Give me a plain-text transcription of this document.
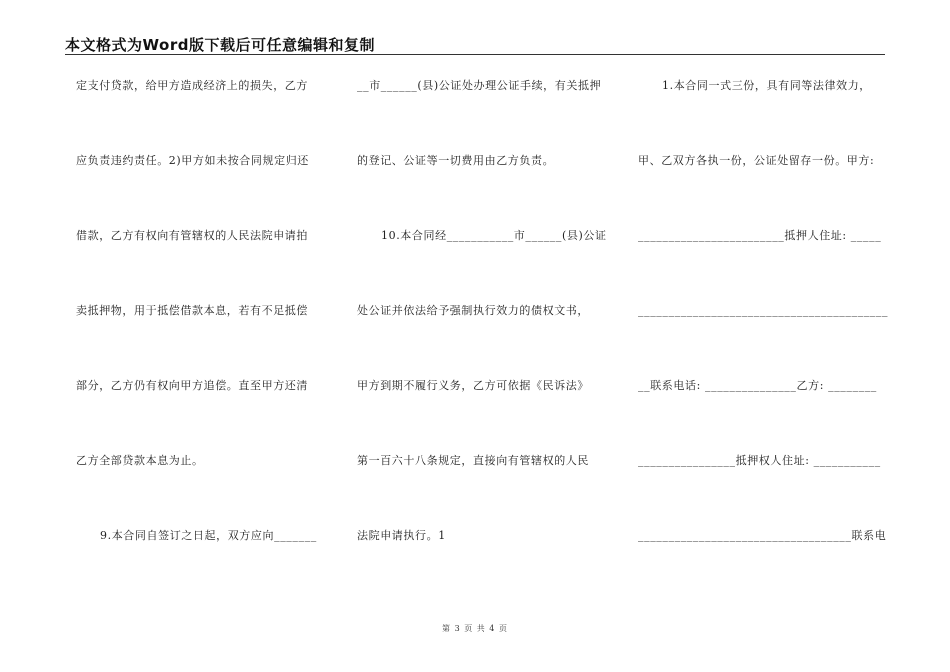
本文格式为Word版下载后可任意编辑和复制
定支付贷款，给甲方造成经济上的损失，乙方
应负责违约责任。2)甲方如未按合同规定归还
借款，乙方有权向有管辖权的人民法院申请拍
卖抵押物，用于抵偿借款本息，若有不足抵偿
部分，乙方仍有权向甲方追偿。直至甲方还清
乙方全部贷款本息为止。
9.本合同自签订之日起，双方应向_______
__市______(县)公证处办理公证手续，有关抵押
的登记、公证等一切费用由乙方负责。
10.本合同经___________市______(县)公证
处公证并依法给予强制执行效力的债权文书，
甲方到期不履行义务，乙方可依据《民诉法》
第一百六十八条规定，直接向有管辖权的人民
法院申请执行。1
1.本合同一式三份，具有同等法律效力，
甲、乙双方各执一份，公证处留存一份。甲方:
________________________抵押人住址: _____
_________________________________________
__联系电话: _______________乙方: ________
________________抵押权人住址: ___________
___________________________________联系电
第 3 页 共 4 页
